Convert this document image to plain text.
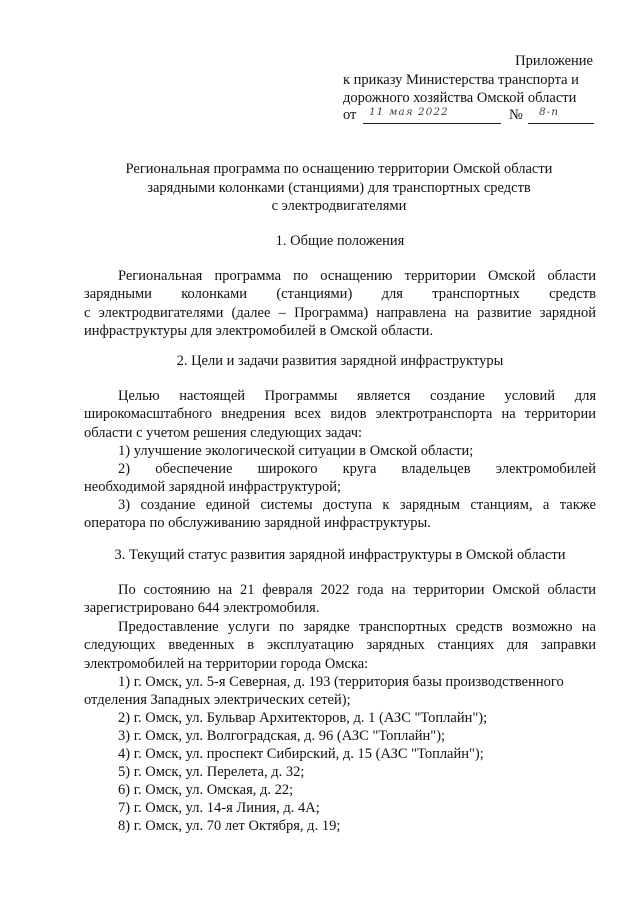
Приложение
к приказу Министерства транспорта и
дорожного хозяйства Омской области
от 11 мая 2022	№ 8-п
Региональная программа по оснащению территории Омской области
зарядными колонками (станциями) для транспортных средств
с электродвигателями
1. Общие положения
Региональная программа по оснащению территории Омской области
зарядными колонками (станциями) для транспортных средств
с электродвигателями (далее – Программа) направлена на развитие зарядной
инфраструктуры для электромобилей в Омской области.
2. Цели и задачи развития зарядной инфраструктуры
Целью настоящей Программы является создание условий для
широкомасштабного внедрения всех видов электротранспорта на территории
области с учетом решения следующих задач:
1) улучшение экологической ситуации в Омской области;
2) обеспечение широкого круга владельцев электромобилей
необходимой зарядной инфраструктурой;
3) создание единой системы доступа к зарядным станциям, а также
оператора по обслуживанию зарядной инфраструктуры.
3. Текущий статус развития зарядной инфраструктуры в Омской области
По состоянию на 21 февраля 2022 года на территории Омской области
зарегистрировано 644 электромобиля.
Предоставление услуги по зарядке транспортных средств возможно на
следующих введенных в эксплуатацию зарядных станциях для заправки
электромобилей на территории города Омска:
1) г. Омск, ул. 5-я Северная, д. 193 (территория базы производственного
отделения Западных электрических сетей);
2) г. Омск, ул. Бульвар Архитекторов, д. 1 (АЗС "Топлайн");
3) г. Омск, ул. Волгоградская, д. 96 (АЗС "Топлайн");
4) г. Омск, ул. проспект Сибирский, д. 15 (АЗС "Топлайн");
5) г. Омск, ул. Перелета, д. 32;
6) г. Омск, ул. Омская, д. 22;
7) г. Омск, ул. 14-я Линия, д. 4А;
8) г. Омск, ул. 70 лет Октября, д. 19;
